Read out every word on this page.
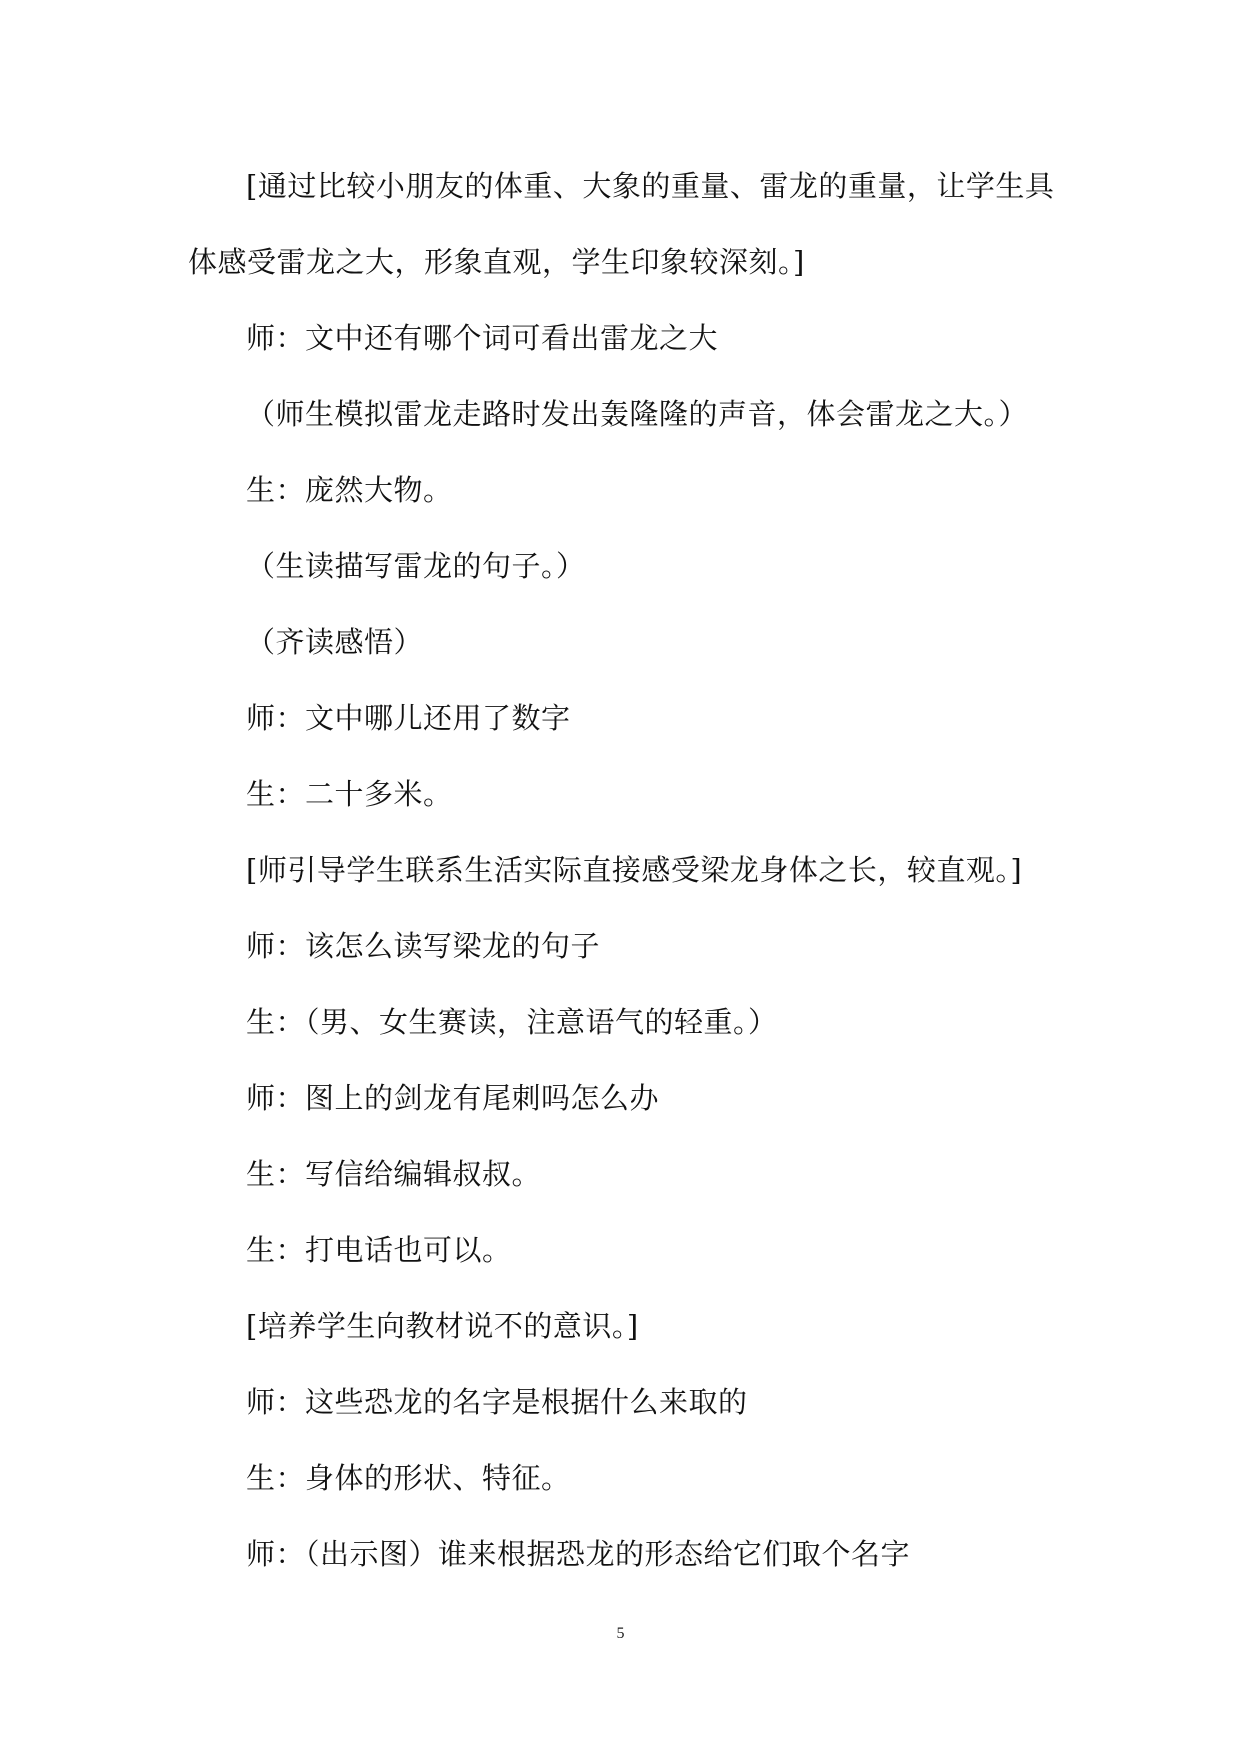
[通过比较小朋友的体重、大象的重量、雷龙的重量，让学生具体感受雷龙之大，形象直观，学生印象较深刻。]

师：文中还有哪个词可看出雷龙之大

（师生模拟雷龙走路时发出轰隆隆的声音，体会雷龙之大。）

生：庞然大物。

（生读描写雷龙的句子。）

（齐读感悟）

师：文中哪儿还用了数字

生：二十多米。

[师引导学生联系生活实际直接感受梁龙身体之长，较直观。]

师：该怎么读写梁龙的句子

生：（男、女生赛读，注意语气的轻重。）

师：图上的剑龙有尾刺吗怎么办

生：写信给编辑叔叔。

生：打电话也可以。

[培养学生向教材说不的意识。]

师：这些恐龙的名字是根据什么来取的

生：身体的形状、特征。

师：（出示图）谁来根据恐龙的形态给它们取个名字

5
